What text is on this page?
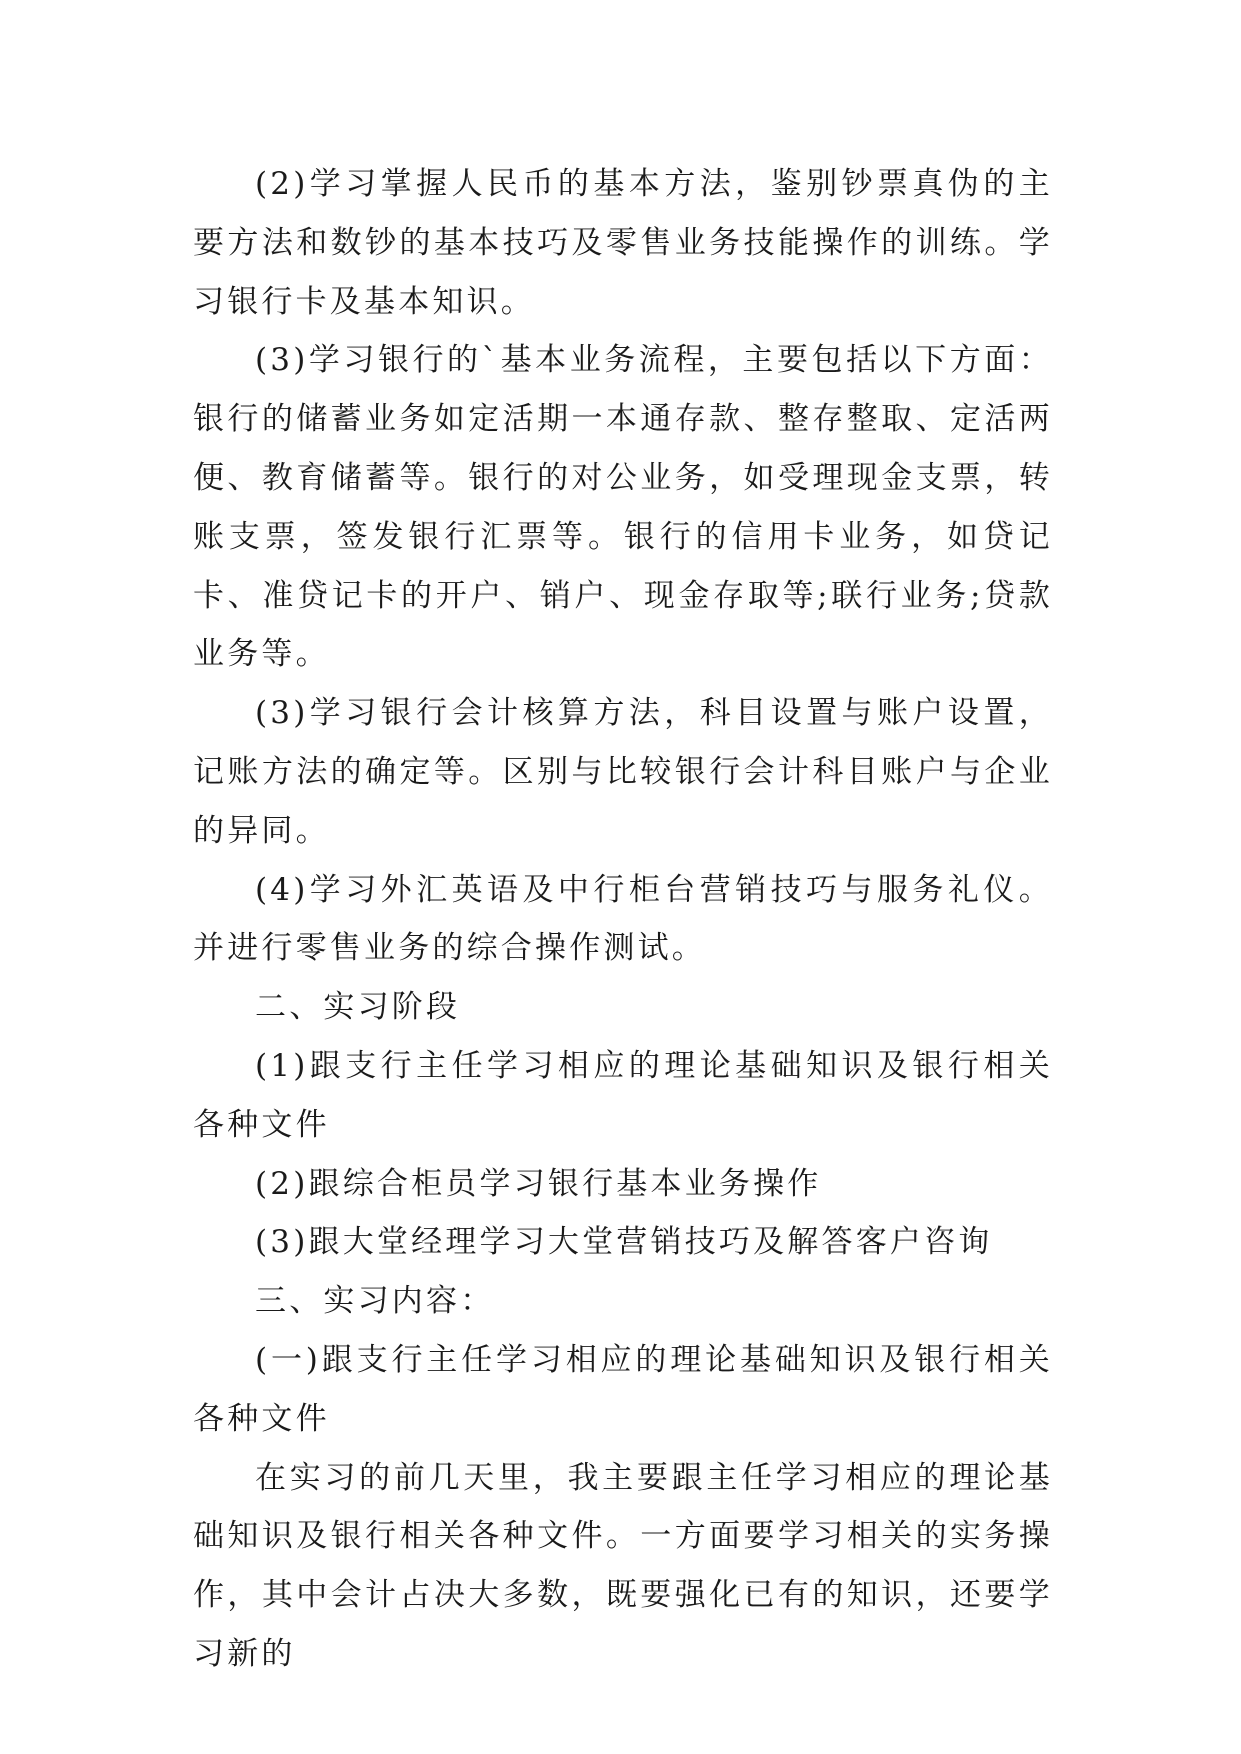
(2)学习掌握人民币的基本方法，鉴别钞票真伪的主要方法和数钞的基本技巧及零售业务技能操作的训练。学习银行卡及基本知识。

(3)学习银行的`基本业务流程，主要包括以下方面：银行的储蓄业务如定活期一本通存款、整存整取、定活两便、教育储蓄等。银行的对公业务，如受理现金支票，转账支票，签发银行汇票等。银行的信用卡业务，如贷记卡、准贷记卡的开户、销户、现金存取等;联行业务;贷款业务等。

(3)学习银行会计核算方法，科目设置与账户设置，记账方法的确定等。区别与比较银行会计科目账户与企业的异同。

(4)学习外汇英语及中行柜台营销技巧与服务礼仪。并进行零售业务的综合操作测试。

二、实习阶段

(1)跟支行主任学习相应的理论基础知识及银行相关各种文件

(2)跟综合柜员学习银行基本业务操作

(3)跟大堂经理学习大堂营销技巧及解答客户咨询

三、实习内容：

(一)跟支行主任学习相应的理论基础知识及银行相关各种文件

在实习的前几天里，我主要跟主任学习相应的理论基础知识及银行相关各种文件。一方面要学习相关的实务操作，其中会计占决大多数，既要强化已有的知识，还要学习新的
